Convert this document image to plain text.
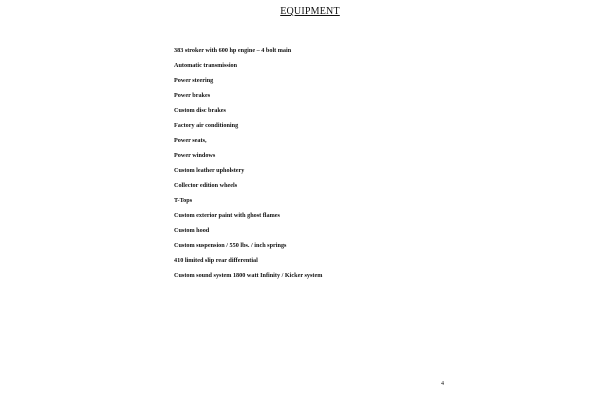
EQUIPMENT
383 stroker with 600 hp engine – 4 bolt main
Automatic transmission
Power steering
Power brakes
Custom disc brakes
Factory air conditioning
Power seats,
Power windows
Custom leather upholstery
Collector edition wheels
T-Tops
Custom exterior paint with ghost flames
Custom hood
Custom suspension / 550 lbs. / inch springs
410 limited slip rear differential
Custom sound system 1800 watt Infinity / Kicker system
4
